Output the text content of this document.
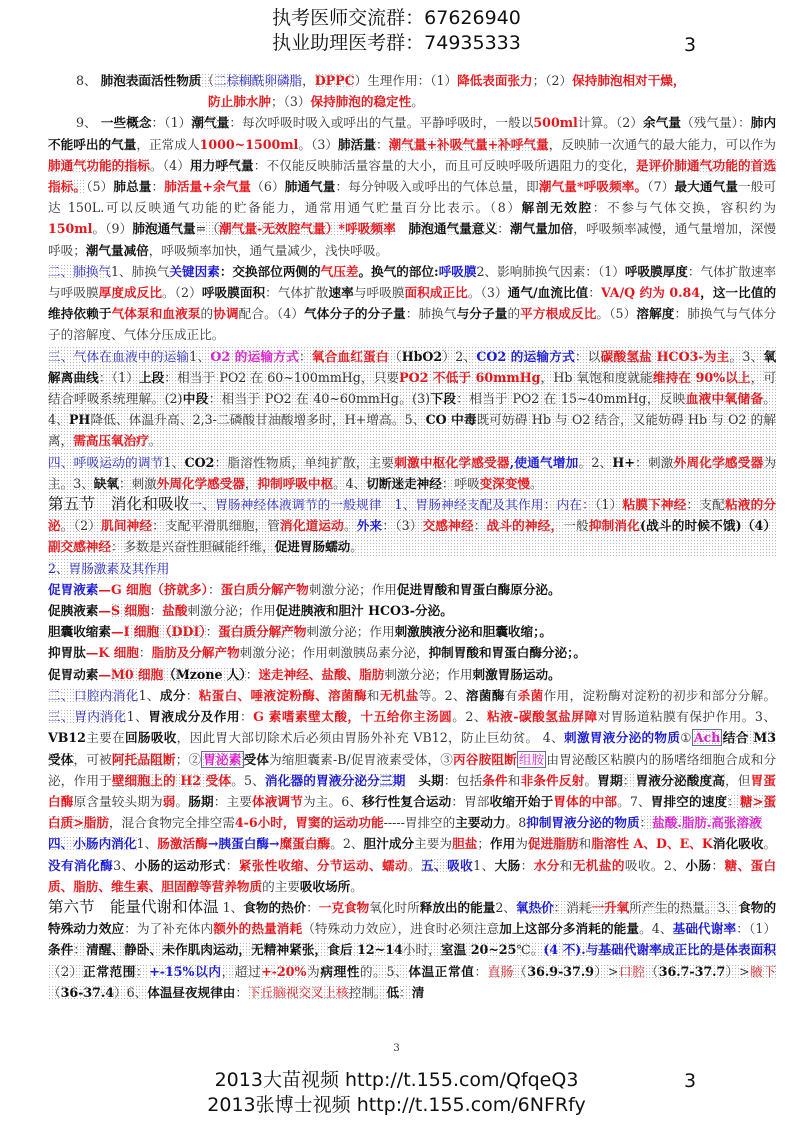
执考医师交流群：67626940
执业助理医考群：74935333	3

8、 肺泡表面活性物质（二棕榈酰卵磷脂，DPPC）生理作用：（1）降低表面张力；（2）保持肺泡相对干燥，

防止肺水肿；（3）保持肺泡的稳定性。

9、 一些概念：（1）潮气量：每次呼吸时吸入或呼出的气量。平静呼吸时，一般以500ml计算。（2）余气量（残气量）：肺内不能呼出的气量，正常成人1000~1500ml。（3）肺活量：潮气量+补吸气量+补呼气量，反映肺一次通气的最大能力，可以作为肺通气功能的指标。（4）用力呼气量：不仅能反映肺活量容量的大小，而且可反映呼吸所遇阻力的变化，是评价肺通气功能的首选指标。（5）肺总量：肺活量+余气量（6）肺通气量：每分钟吸入或呼出的气体总量，即潮气量*呼吸频率。（7）最大通气量一般可达 150L.可以反映通气功能的贮备能力，通常用通气贮量百分比表示。（8）解剖无效腔：不参与气体交换，容积约为150ml。（9）肺泡通气量=（潮气量-无效腔气量）*呼吸频率　 肺泡通气量意义：潮气量加倍，呼吸频率减慢，通气量增加，深慢呼吸；潮气量减倍，呼吸频率加快，通气量减少，浅快呼吸。

二、肺换气1、肺换气关键因素：交换部位两侧的气压差。换气的部位:呼吸膜2、影响肺换气因素：（1）呼吸膜厚度：气体扩散速率与呼吸膜厚度成反比。（2）呼吸膜面积：气体扩散速率与呼吸膜面积成正比。（3）通气/血流比值：VA/Q 约为 0.84，这一比值的维持依赖于气体泵和血液泵的协调配合。（4）气体分子的分子量：肺换气与分子量的平方根成反比。（5）溶解度：肺换气与气体分子的溶解度、气体分压成正比。

三、气体在血液中的运输1、O2 的运输方式：氧合血红蛋白（HbO2）2、CO2 的运输方式：以碳酸氢盐 HCO3-为主。3、氧解离曲线：（1）上段：相当于 PO2 在 60~100mmHg，只要PO2 不低于 60mmHg，Hb 氧饱和度就能维持在 90%以上，可结合呼吸系统理解。(2)中段：相当于 PO2 在 40~60mmHg。(3)下段：相当于 PO2 在 15~40mmHg，反映血液中氧储备。4、PH降低、体温升高、2,3-二磷酸甘油酸增多时，H+增高。5、CO 中毒既可妨碍 Hb 与 O2 结合，又能妨碍 Hb 与 O2 的解离，需高压氧治疗。

四、呼吸运动的调节1、CO2：脂溶性物质，单纯扩散，主要刺激中枢化学感受器,使通气增加。2、H+：刺激外周化学感受器为主。3、缺氧：刺激外周化学感受器，抑制呼吸中枢。4、切断迷走神经：呼吸变深变慢。

第五节　消化和吸收一、胃肠神经体液调节的一般规律　 1、胃肠神经支配及其作用：内在：（1）粘膜下神经：支配粘液的分泌。（2）肌间神经：支配平滑肌细胞，管消化道运动。外来：（3）交感神经：战斗的神经，一般抑制消化(战斗的时候不饿)（4）副交感神经：多数是兴奋性胆碱能纤维，促进胃肠蠕动。

2、胃肠激素及其作用

促胃液素—G 细胞（挤就多）：蛋白质分解产物刺激分泌；作用促进胃酸和胃蛋白酶原分泌。

促胰液素—S 细胞：盐酸刺激分泌；作用促进胰液和胆汁 HCO3-分泌。

胆囊收缩素—I 细胞（DDI）：蛋白质分解产物刺激分泌；作用刺激胰液分泌和胆囊收缩；。

抑胃肽—K 细胞：脂肪及分解产物刺激分泌；作用刺激胰岛素分泌，抑制胃酸和胃蛋白酶分泌；。

促胃动素—M0 细胞（Mzone 人）：迷走神经、盐酸、脂肪刺激分泌；作用刺激胃肠运动。

二、口腔内消化1、成分：粘蛋白、唾液淀粉酶、溶菌酶和无机盐等。2、溶菌酶有杀菌作用，淀粉酶对淀粉的初步和部分分解。三、胃内消化1、胃液成分及作用：G 素嗜素壁太酸，十五给你主汤圆。2、粘液-碳酸氢盐屏障对胃肠道粘膜有保护作用。3、VB12主要在回肠吸收，因此胃大部切除术后必须由胃肠外补充 VB12，防止巨幼贫。 4、刺激胃液分泌的物质① Ach 结合 M3 受体，可被阿托品阻断；② 胃泌素 受体为缩胆囊素-B/促胃液素受体，③丙谷胺阻断 组胺 由胃泌酸区粘膜内的肠嗜络细胞合成和分泌，作用于壁细胞上的 H2 受体。5、消化器的胃液分泌分三期　 头期：包括条件和非条件反射。胃期：胃液分泌酸度高，但胃蛋白酶原含量较头期为弱。肠期：主要体液调节为主。6、移行性复合运动：胃部收缩开始于胃体的中部。7、胃排空的速度：糖>蛋白质>脂肪，混合食物完全排空需4-6小时，胃窦的运动功能-----胃排空的主要动力。8抑制胃液分泌的物质：盐酸.脂肪.高张溶液

四、小肠内消化1、肠激活酶→胰蛋白酶→糜蛋白酶。2、胆汁成分主要为胆盐；作用为促进脂肪和脂溶性 A、D、E、K消化吸收。没有消化酶3、小肠的运动形式：紧张性收缩、分节运动、蠕动。五、吸收1、大肠：水分和无机盐的吸收。2、小肠：糖、蛋白质、脂肪、维生素、胆固醇等营养物质的主要吸收场所。

第六节　能量代谢和体温 1、食物的热价：一克食物氧化时所释放出的能量2、氧热价：消耗一升氧所产生的热量。3、食物的特殊动力效应：为了补充体内额外的热量消耗（特殊动力效应），进食时必须注意加上这部分多消耗的能量。4、基础代谢率：（1）条件：清醒、静卧、未作肌肉运动，无精神紧张，食后 12~14小时，室温 20~25℃。(4 不).与基础代谢率成正比的是体表面积（2）正常范围：+-15%以内，超过+-20%为病理性的。5、体温正常值：直肠（36.9-37.9）>口腔（36.7-37.7）>腋下（36-37.4）6、体温昼夜规律由：下丘脑视交叉上核控制。低：清

3
2013大苗视频 http://t.155.com/QfqeQ3
2013张博士视频 http://t.155.com/6NFRfy
3
